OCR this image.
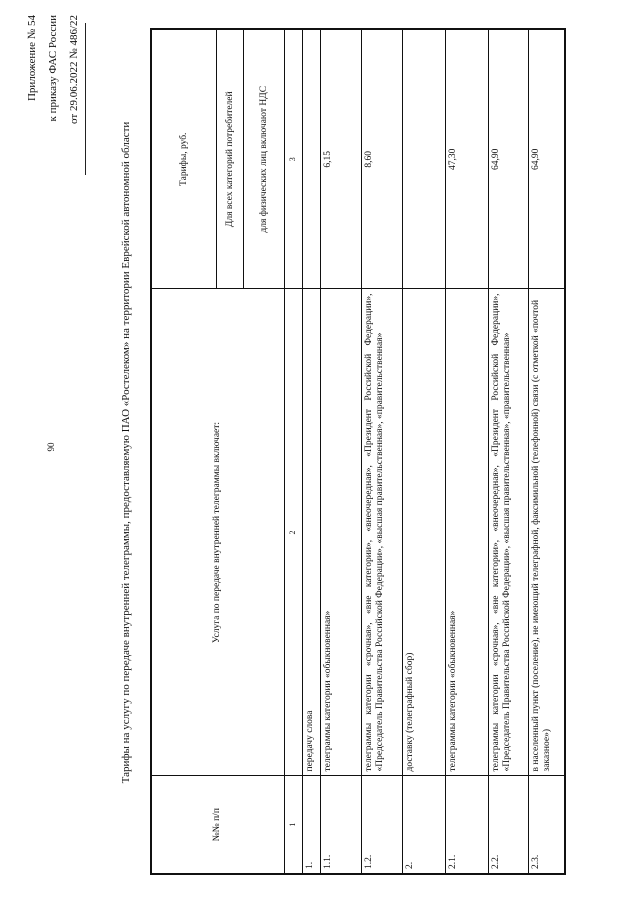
90
Приложение № 54 к приказу ФАС России от 29.06.2022 № 486/22
Тарифы на услугу по передаче внутренней телеграммы, предоставляемую ПАО «Ростелеком» на территории Еврейской автономной области
№№ п/п	Услуга по передаче внутренней телеграммы включает:	Тарифы, руб.
		Для всех категорий потребителей
		для физических лиц включают НДС
1	2	3
1.	передачу слова	
1.1.	телеграммы категории «обыкновенная»	6,15
1.2.	телеграммы категории «срочная», «вне категории», «внеочередная», «Президент Российской Федерации», «Председатель Правительства Российской Федерации», «высшая правительственная», «правительственная»	8,60
2.	доставку (телеграфный сбор)	
2.1.	телеграммы категории «обыкновенная»	47,30
2.2.	телеграммы категории «срочная», «вне категории», «внеочередная», «Президент Российской Федерации», «Председатель Правительства Российской Федерации», «высшая правительственная», «правительственная»	64,90
2.3.	в населенный пункт (поселение), не имеющий телеграфной, факсимильной (телефонной) связи (с отметкой «почтой заказное»)	64,90
